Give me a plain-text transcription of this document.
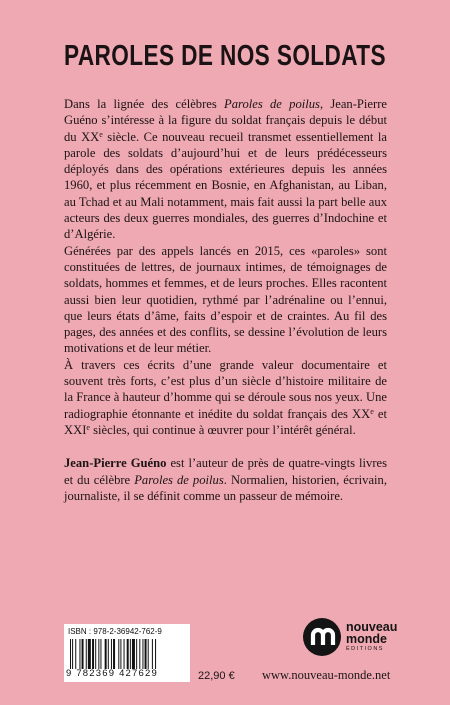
PAROLES DE NOS SOLDATS

Dans la lignée des célèbres Paroles de poilus, Jean-Pierre Guéno s’intéresse à la figure du soldat français depuis le début du XXe siècle. Ce nouveau recueil transmet essentiellement la parole des soldats d’aujourd’hui et de leurs prédécesseurs déployés dans des opérations extérieures depuis les années 1960, et plus récemment en Bosnie, en Afghanistan, au Liban, au Tchad et au Mali notamment, mais fait aussi la part belle aux acteurs des deux guerres mondiales, des guerres d’Indochine et d’Algérie.

Générées par des appels lancés en 2015, ces «paroles» sont constituées de lettres, de journaux intimes, de témoignages de soldats, hommes et femmes, et de leurs proches. Elles racontent aussi bien leur quotidien, rythmé par l’adrénaline ou l’ennui, que leurs états d’âme, faits d’espoir et de craintes. Au fil des pages, des années et des conflits, se dessine l’évolution de leurs motivations et de leur métier.

À travers ces écrits d’une grande valeur documentaire et souvent très forts, c’est plus d’un siècle d’histoire militaire de la France à hauteur d’homme qui se déroule sous nos yeux. Une radiographie étonnante et inédite du soldat français des XXe et XXIe siècles, qui continue à œuvrer pour l’intérêt général.

Jean-Pierre Guéno est l’auteur de près de quatre-vingts livres et du célèbre Paroles de poilus. Normalien, historien, écrivain, journaliste, il se définit comme un passeur de mémoire.

ISBN : 978-2-36942-762-9
9 782369 427629	22,90 €
nouveau
monde
ÉDITIONS
www.nouveau-monde.net
